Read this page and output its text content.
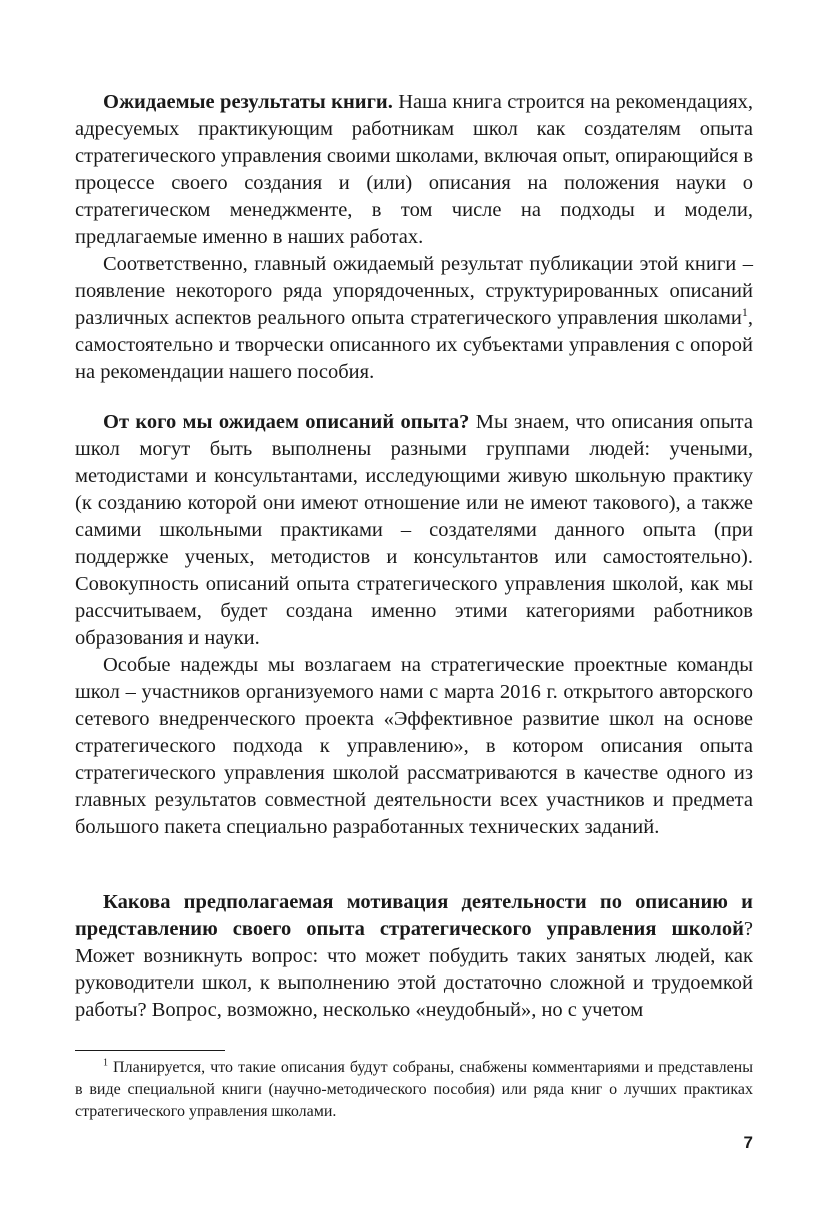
Ожидаемые результаты книги. Наша книга строится на рекомендациях, адресуемых практикующим работникам школ как создателям опыта стратегического управления своими школами, включая опыт, опирающийся в процессе своего создания и (или) описания на положения науки о стратегическом менеджменте, в том числе на подходы и модели, предлагаемые именно в наших работах.

Соответственно, главный ожидаемый результат публикации этой книги – появление некоторого ряда упорядоченных, структурированных описаний различных аспектов реального опыта стратегического управления школами$^1$, самостоятельно и творчески описанного их субъектами управления с опорой на рекомендации нашего пособия.

От кого мы ожидаем описаний опыта? Мы знаем, что описания опыта школ могут быть выполнены разными группами людей: учеными, методистами и консультантами, исследующими живую школьную практику (к созданию которой они имеют отношение или не имеют такового), а также самими школьными практиками – создателями данного опыта (при поддержке ученых, методистов и консультантов или самостоятельно). Совокупность описаний опыта стратегического управления школой, как мы рассчитываем, будет создана именно этими категориями работников образования и науки.

Особые надежды мы возлагаем на стратегические проектные команды школ – участников организуемого нами с марта 2016 г. открытого авторского сетевого внедренческого проекта «Эффективное развитие школ на основе стратегического подхода к управлению», в котором описания опыта стратегического управления школой рассматриваются в качестве одного из главных результатов совместной деятельности всех участников и предмета большого пакета специально разработанных технических заданий.

Какова предполагаемая мотивация деятельности по описанию и представлению своего опыта стратегического управления школой? Может возникнуть вопрос: что может побудить таких занятых людей, как руководители школ, к выполнению этой достаточно сложной и трудоемкой работы? Вопрос, возможно, несколько «неудобный», но с учетом

$^1$ Планируется, что такие описания будут собраны, снабжены комментариями и представлены в виде специальной книги (научно-методического пособия) или ряда книг о лучших практиках стратегического управления школами.

7
